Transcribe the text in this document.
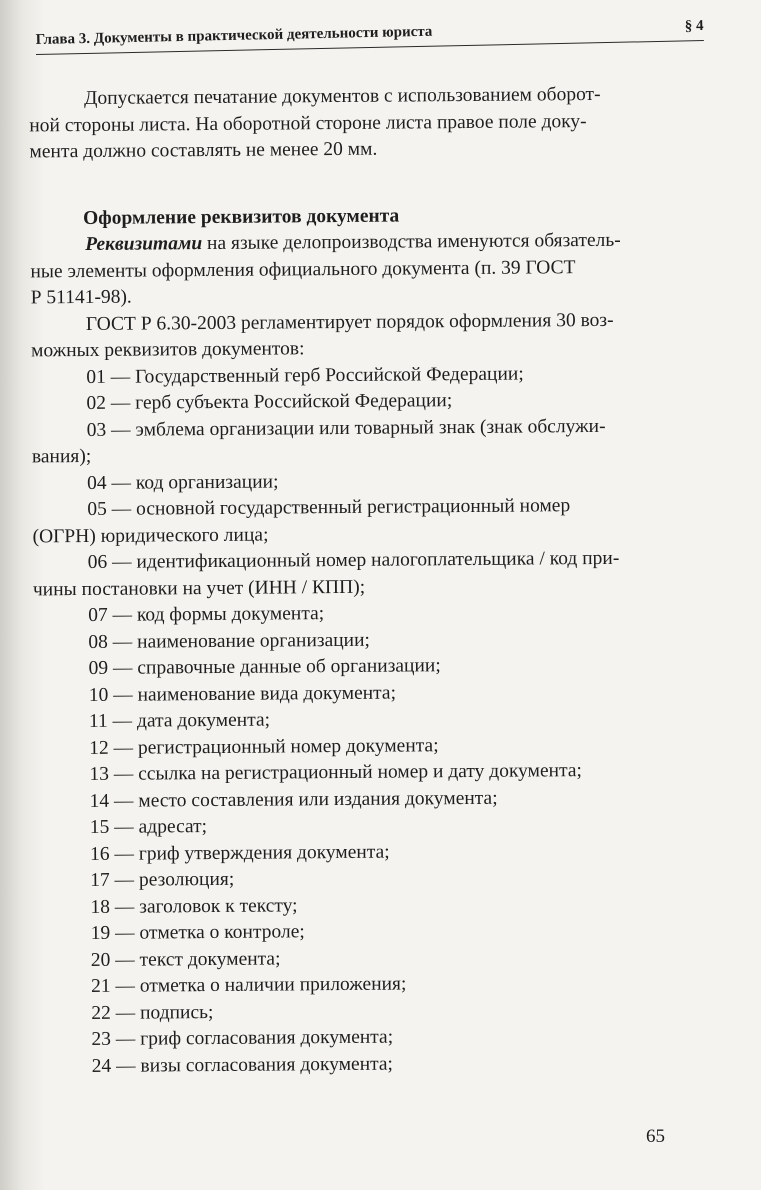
Глава 3. Документы в практической деятельности юриста	§ 4

Допускается печатание документов с использованием оборот-
ной стороны листа. На оборотной стороне листа правое поле доку-
мента должно составлять не менее 20 мм.

Оформление реквизитов документа

Реквизитами на языке делопроизводства именуются обязатель-
ные элементы оформления официального документа (п. 39 ГОСТ
Р 51141-98).

ГОСТ Р 6.30-2003 регламентирует порядок оформления 30 воз-
можных реквизитов документов:

01 — Государственный герб Российской Федерации;
02 — герб субъекта Российской Федерации;
03 — эмблема организации или товарный знак (знак обслужи-
вания);
04 — код организации;
05 — основной государственный регистрационный номер
(ОГРН) юридического лица;
06 — идентификационный номер налогоплательщика / код при-
чины постановки на учет (ИНН / КПП);
07 — код формы документа;
08 — наименование организации;
09 — справочные данные об организации;
10 — наименование вида документа;
11 — дата документа;
12 — регистрационный номер документа;
13 — ссылка на регистрационный номер и дату документа;
14 — место составления или издания документа;
15 — адресат;
16 — гриф утверждения документа;
17 — резолюция;
18 — заголовок к тексту;
19 — отметка о контроле;
20 — текст документа;
21 — отметка о наличии приложения;
22 — подпись;
23 — гриф согласования документа;
24 — визы согласования документа;
65
